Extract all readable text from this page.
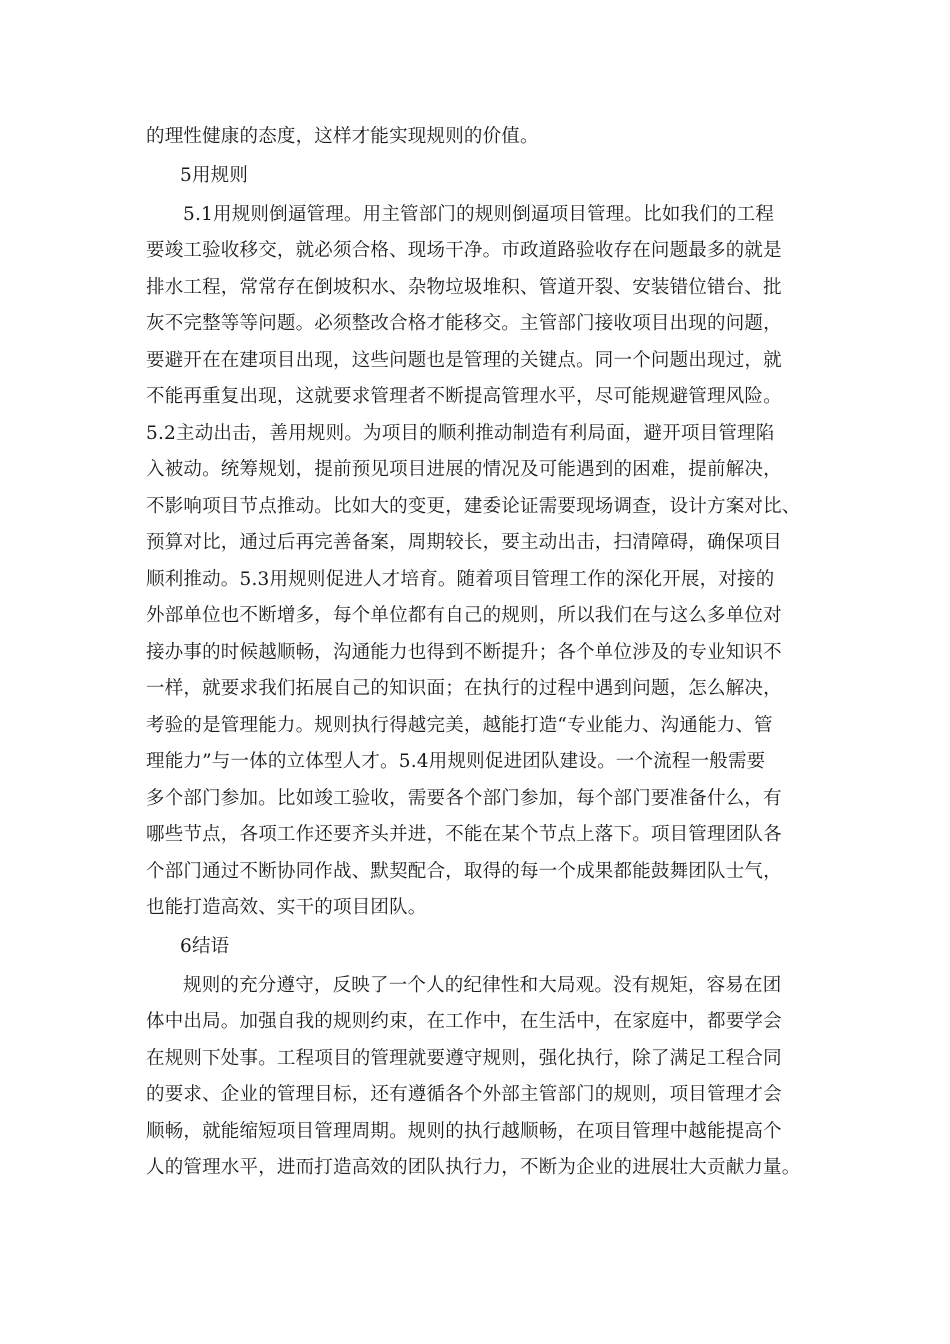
的理性健康的态度，这样才能实现规则的价值。
5用规则
5.1用规则倒逼管理。用主管部门的规则倒逼项目管理。比如我们的工程
要竣工验收移交，就必须合格、现场干净。市政道路验收存在问题最多的就是
排水工程，常常存在倒坡积水、杂物垃圾堆积、管道开裂、安装错位错台、批
灰不完整等等问题。必须整改合格才能移交。主管部门接收项目出现的问题，
要避开在在建项目出现，这些问题也是管理的关键点。同一个问题出现过，就
不能再重复出现，这就要求管理者不断提高管理水平，尽可能规避管理风险。
5.2主动出击，善用规则。为项目的顺利推动制造有利局面，避开项目管理陷
入被动。统筹规划，提前预见项目进展的情况及可能遇到的困难，提前解决，
不影响项目节点推动。比如大的变更，建委论证需要现场调查，设计方案对比、
预算对比，通过后再完善备案，周期较长，要主动出击，扫清障碍，确保项目
顺利推动。5.3用规则促进人才培育。随着项目管理工作的深化开展，对接的
外部单位也不断增多，每个单位都有自己的规则，所以我们在与这么多单位对
接办事的时候越顺畅，沟通能力也得到不断提升；各个单位涉及的专业知识不
一样，就要求我们拓展自己的知识面；在执行的过程中遇到问题，怎么解决，
考验的是管理能力。规则执行得越完美，越能打造“专业能力、沟通能力、管
理能力”与一体的立体型人才。5.4用规则促进团队建设。一个流程一般需要
多个部门参加。比如竣工验收，需要各个部门参加，每个部门要准备什么，有
哪些节点，各项工作还要齐头并进，不能在某个节点上落下。项目管理团队各
个部门通过不断协同作战、默契配合，取得的每一个成果都能鼓舞团队士气，
也能打造高效、实干的项目团队。
6结语
规则的充分遵守，反映了一个人的纪律性和大局观。没有规矩，容易在团
体中出局。加强自我的规则约束，在工作中，在生活中，在家庭中，都要学会
在规则下处事。工程项目的管理就要遵守规则，强化执行，除了满足工程合同
的要求、企业的管理目标，还有遵循各个外部主管部门的规则，项目管理才会
顺畅，就能缩短项目管理周期。规则的执行越顺畅，在项目管理中越能提高个
人的管理水平，进而打造高效的团队执行力，不断为企业的进展壮大贡献力量。
